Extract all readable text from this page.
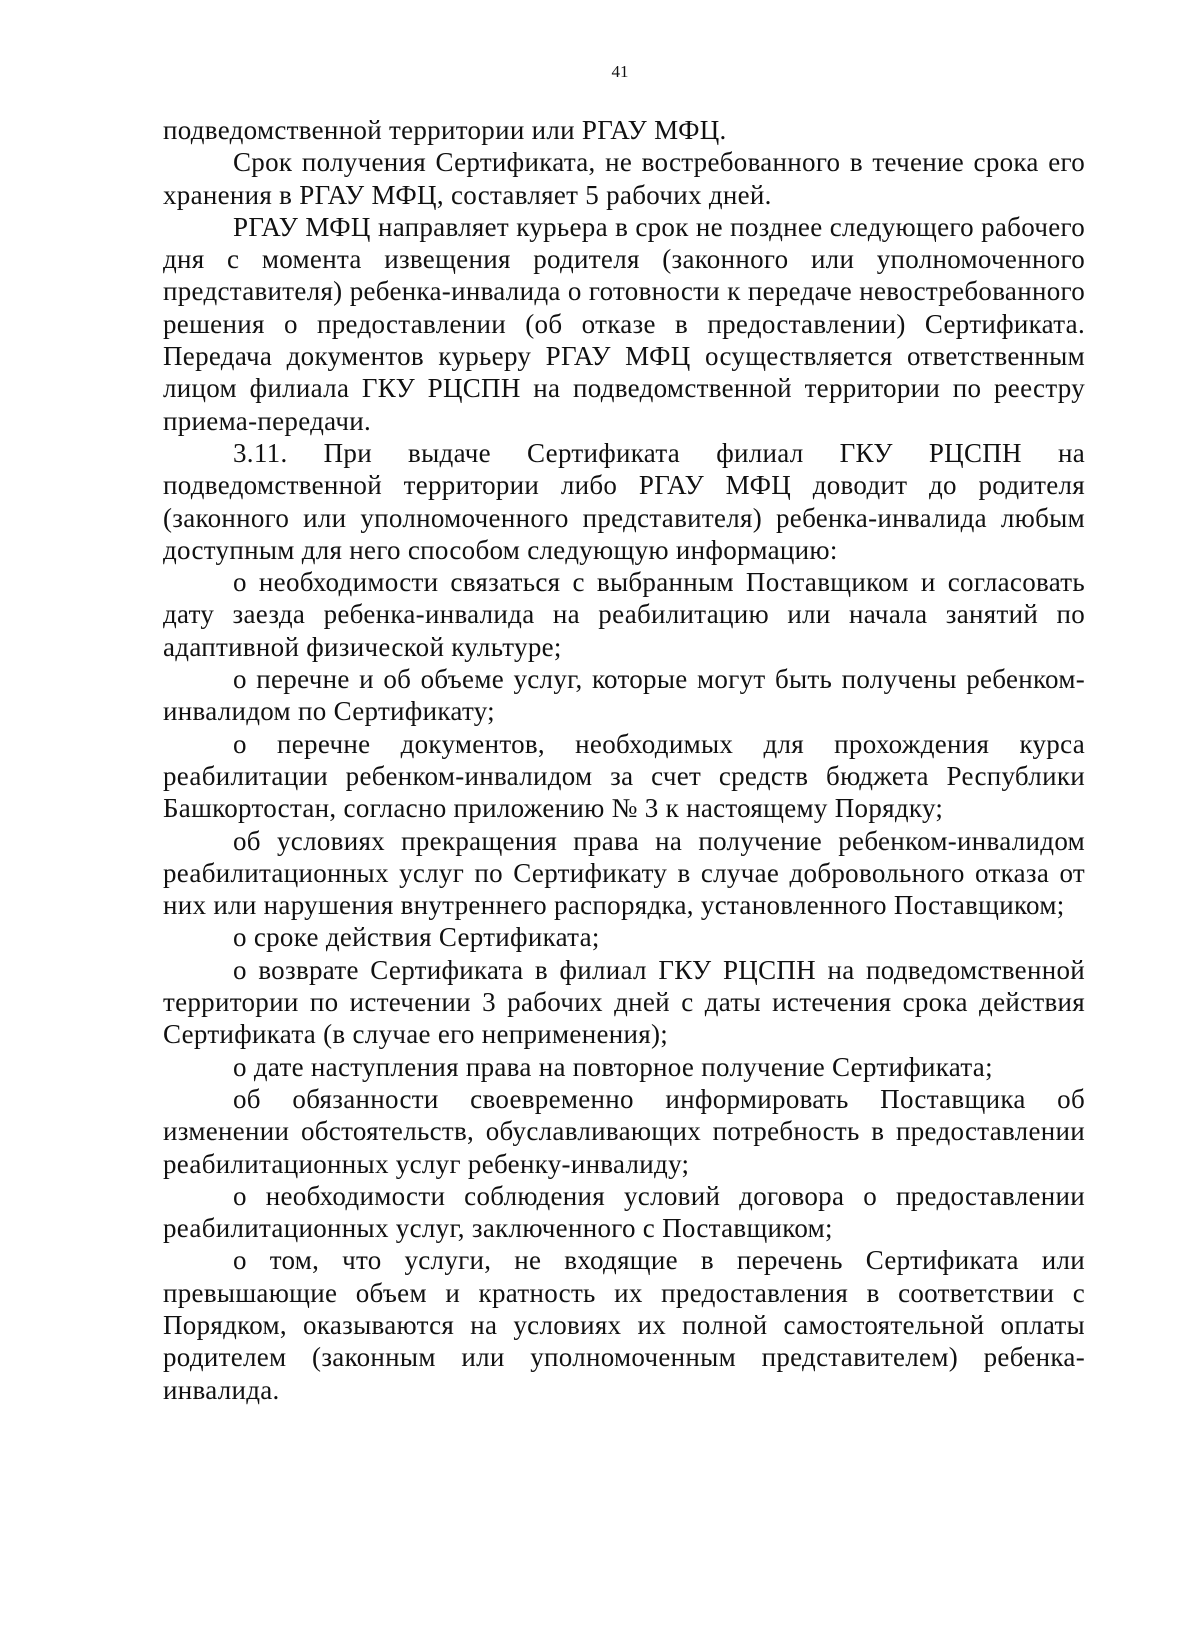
41

подведомственной территории или РГАУ МФЦ.

Срок получения Сертификата, не востребованного в течение срока его хранения в РГАУ МФЦ, составляет 5 рабочих дней.

РГАУ МФЦ направляет курьера в срок не позднее следующего рабочего дня с момента извещения родителя (законного или уполномоченного представителя) ребенка-инвалида о готовности к передаче невостребованного решения о предоставлении (об отказе в предоставлении) Сертификата. Передача документов курьеру РГАУ МФЦ осуществляется ответственным лицом филиала ГКУ РЦСПН на подведомственной территории по реестру приема-передачи.

3.11. При выдаче Сертификата филиал ГКУ РЦСПН на подведомственной территории либо РГАУ МФЦ доводит до родителя (законного или уполномоченного представителя) ребенка-инвалида любым доступным для него способом следующую информацию:

о необходимости связаться с выбранным Поставщиком и согласовать дату заезда ребенка-инвалида на реабилитацию или начала занятий по адаптивной физической культуре;

о перечне и об объеме услуг, которые могут быть получены ребенком-инвалидом по Сертификату;

о перечне документов, необходимых для прохождения курса реабилитации ребенком-инвалидом за счет средств бюджета Республики Башкортостан, согласно приложению № 3 к настоящему Порядку;

об условиях прекращения права на получение ребенком-инвалидом реабилитационных услуг по Сертификату в случае добровольного отказа от них или нарушения внутреннего распорядка, установленного Поставщиком;

о сроке действия Сертификата;

о возврате Сертификата в филиал ГКУ РЦСПН на подведомственной территории по истечении 3 рабочих дней с даты истечения срока действия Сертификата (в случае его неприменения);

о дате наступления права на повторное получение Сертификата;

об обязанности своевременно информировать Поставщика об изменении обстоятельств, обуславливающих потребность в предоставлении реабилитационных услуг ребенку-инвалиду;

о необходимости соблюдения условий договора о предоставлении реабилитационных услуг, заключенного с Поставщиком;

о том, что услуги, не входящие в перечень Сертификата или превышающие объем и кратность их предоставления в соответствии с Порядком, оказываются на условиях их полной самостоятельной оплаты родителем (законным или уполномоченным представителем) ребенка-инвалида.
